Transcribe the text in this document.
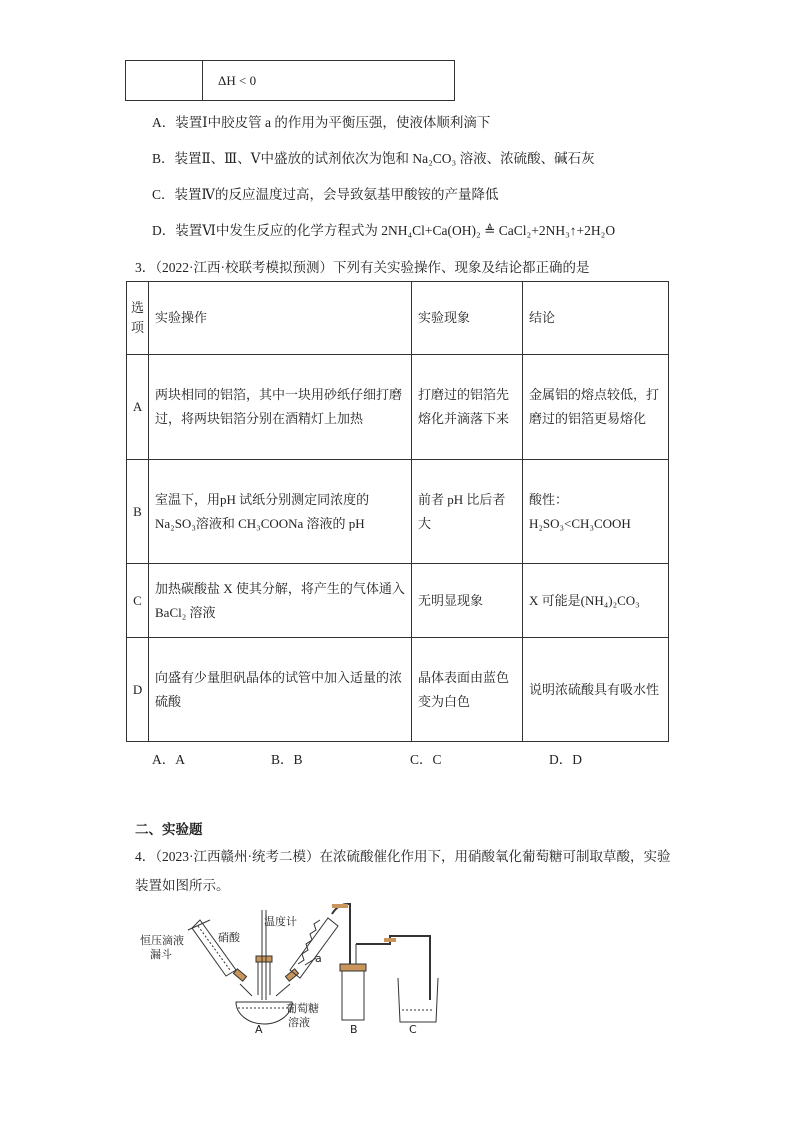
ΔH < 0
A．装置Ⅰ中胶皮管 a 的作用为平衡压强，使液体顺利滴下
B．装置Ⅱ、Ⅲ、Ⅴ中盛放的试剂依次为饱和 Na₂CO₃ 溶液、浓硫酸、碱石灰
C．装置Ⅳ的反应温度过高，会导致氨基甲酸铵的产量降低
D．装置Ⅵ中发生反应的化学方程式为 2NH₄Cl+Ca(OH)₂ ≜ CaCl₂+2NH₃↑+2H₂O
3．（2022·江西·校联考模拟预测）下列有关实验操作、现象及结论都正确的是
选项	实验操作	实验现象	结论
A	两块相同的铝箔，其中一块用砂纸仔细打磨过，将两块铝箔分别在酒精灯上加热	打磨过的铝箔先熔化并滴落下来	金属铝的熔点较低，打磨过的铝箔更易熔化
B	室温下，用pH 试纸分别测定同浓度的Na₂SO₃溶液和 CH₃COONa 溶液的 pH	前者 pH 比后者大	酸性：H₂SO₃<CH₃COOH
C	加热碳酸盐 X 使其分解，将产生的气体通入 BaCl₂ 溶液	无明显现象	X 可能是(NH₄)₂CO₃
D	向盛有少量胆矾晶体的试管中加入适量的浓硫酸	晶体表面由蓝色变为白色	说明浓硫酸具有吸水性
A．A	B．B	C．C	D．D
二、实验题
4．（2023·江西赣州·统考二模）在浓硫酸催化作用下，用硝酸氧化葡萄糖可制取草酸，实验装置如图所示。
恒压滴液
漏斗
硝酸
温度计
a
葡萄糖
溶液
A	B	C
